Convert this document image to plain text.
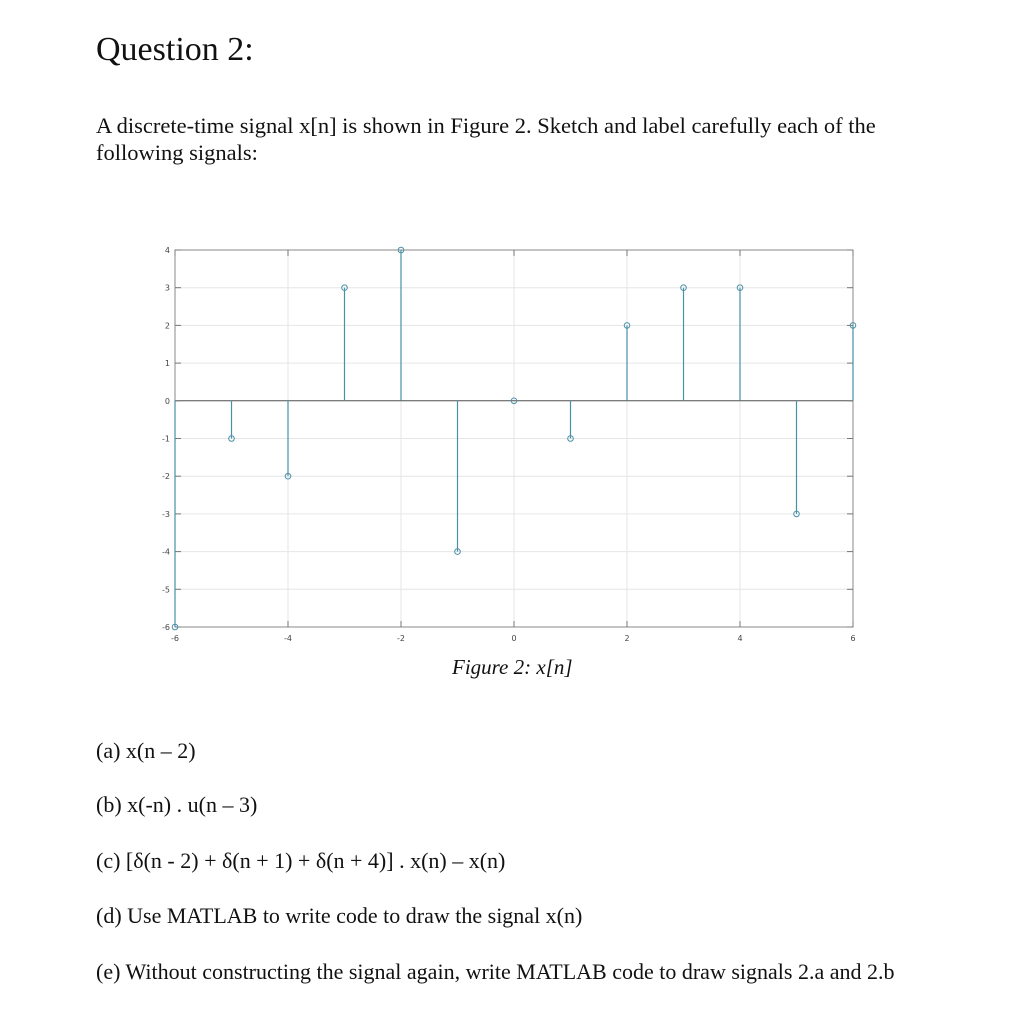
Question 2:

A discrete-time signal x[n] is shown in Figure 2. Sketch and label carefully each of the following signals:

4
3
2
1
0
-1
-2
-3
-4
-5
-6
-6	-4	-2	0	2	4	6
Figure 2: x[n]

(a) x(n – 2)

(b) x(-n) . u(n – 3)

(c) [δ(n - 2) + δ(n + 1) + δ(n + 4)] . x(n) – x(n)

(d) Use MATLAB to write code to draw the signal x(n)

(e) Without constructing the signal again, write MATLAB code to draw signals 2.a and 2.b
